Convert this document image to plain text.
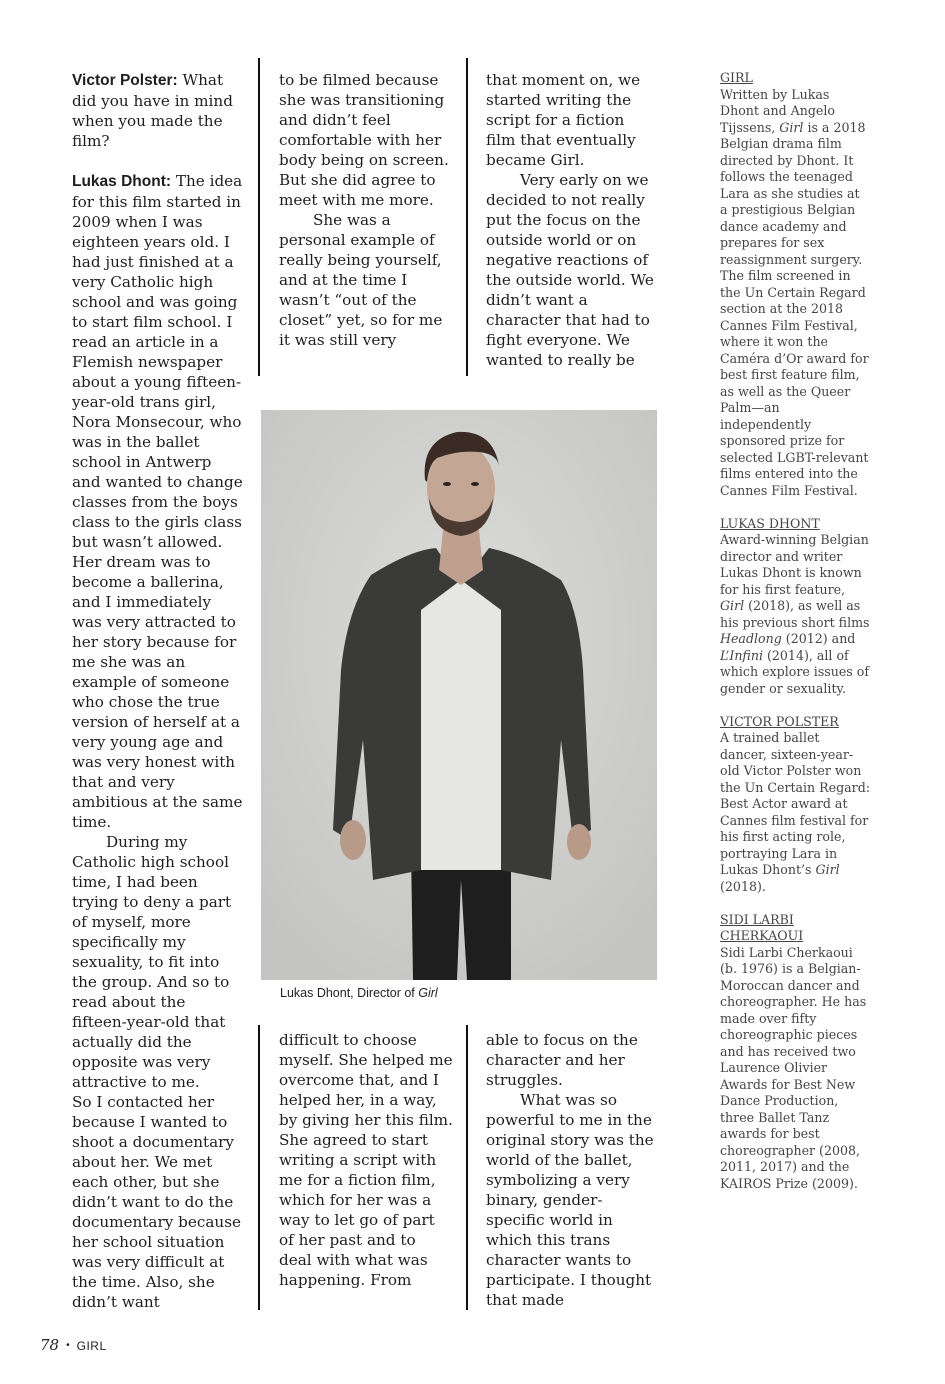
Victor Polster: What did you have in mind when you made the film?

Lukas Dhont: The idea for this film started in 2009 when I was eighteen years old. I had just finished at a very Catholic high school and was going to start film school. I read an article in a Flemish newspaper about a young fifteen-year-old trans girl, Nora Monsecour, who was in the ballet school in Antwerp and wanted to change classes from the boys class to the girls class but wasn’t allowed. Her dream was to become a ballerina, and I immediately was very attracted to her story because for me she was an example of someone who chose the true version of herself at a very young age and was very honest with that and very ambitious at the same time.

During my Catholic high school time, I had been trying to deny a part of myself, more specifically my sexuality, to fit into the group. And so to read about the fifteen-year-old that actually did the opposite was very attractive to me.

So I contacted her because I wanted to shoot a documentary about her. We met each other, but she didn’t want to do the documentary because her school situation was very difficult at the time. Also, she didn’t want

to be filmed because she was transitioning and didn’t feel comfortable with her body being on screen. But she did agree to meet with me more.

She was a personal example of really being yourself, and at the time I wasn’t “out of the closet” yet, so for me it was still very

that moment on, we started writing the script for a fiction film that eventually became Girl.

Very early on we decided to not really put the focus on the outside world or on negative reactions of the outside world. We didn’t want a character that had to fight everyone. We wanted to really be

Lukas Dhont, Director of Girl

difficult to choose myself. She helped me overcome that, and I helped her, in a way, by giving her this film. She agreed to start writing a script with me for a fiction film, which for her was a way to let go of part of her past and to deal with what was happening. From

able to focus on the character and her struggles.

What was so powerful to me in the original story was the world of the ballet, symbolizing a very binary, gender-specific world in which this trans character wants to participate. I thought that made

GIRL
Written by Lukas Dhont and Angelo Tijssens, Girl is a 2018 Belgian drama film directed by Dhont. It follows the teenaged Lara as she studies at a prestigious Belgian dance academy and prepares for sex reassignment surgery. The film screened in the Un Certain Regard section at the 2018 Cannes Film Festival, where it won the Caméra d’Or award for best first feature film, as well as the Queer Palm—an independently sponsored prize for selected LGBT-relevant films entered into the Cannes Film Festival.
LUKAS DHONT
Award-winning Belgian director and writer Lukas Dhont is known for his first feature, Girl (2018), as well as his previous short films Headlong (2012) and L’Infini (2014), all of which explore issues of gender or sexuality.
VICTOR POLSTER
A trained ballet dancer, sixteen-year-old Victor Polster won the Un Certain Regard: Best Actor award at Cannes film festival for his first acting role, portraying Lara in Lukas Dhont’s Girl (2018).
SIDI LARBI CHERKAOUI
Sidi Larbi Cherkaoui (b. 1976) is a Belgian-Moroccan dancer and choreographer. He has made over fifty choreographic pieces and has received two Laurence Olivier Awards for Best New Dance Production, three Ballet Tanz awards for best choreographer (2008, 2011, 2017) and the KAIROS Prize (2009).
78 • GIRL
